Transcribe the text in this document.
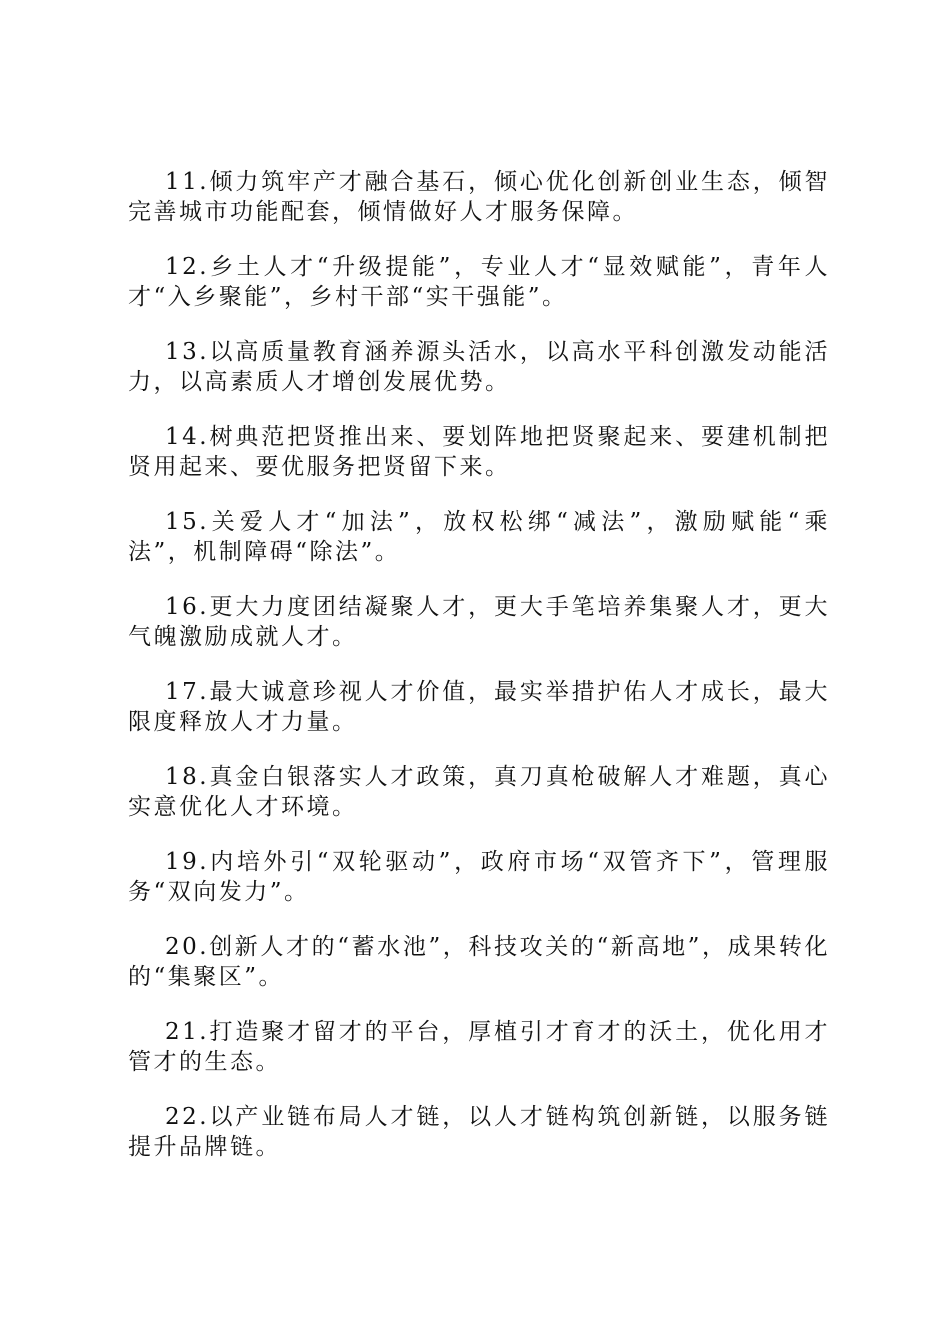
11.倾力筑牢产才融合基石，倾心优化创新创业生态，倾智完善城市功能配套，倾情做好人才服务保障。

12.乡土人才“升级提能”，专业人才“显效赋能”，青年人才“入乡聚能”，乡村干部“实干强能”。

13.以高质量教育涵养源头活水，以高水平科创激发动能活力，以高素质人才增创发展优势。

14.树典范把贤推出来、要划阵地把贤聚起来、要建机制把贤用起来、要优服务把贤留下来。

15.关爱人才“加法”，放权松绑“减法”，激励赋能“乘法”，机制障碍“除法”。

16.更大力度团结凝聚人才，更大手笔培养集聚人才，更大气魄激励成就人才。

17.最大诚意珍视人才价值，最实举措护佑人才成长，最大限度释放人才力量。

18.真金白银落实人才政策，真刀真枪破解人才难题，真心实意优化人才环境。

19.内培外引“双轮驱动”，政府市场“双管齐下”，管理服务“双向发力”。

20.创新人才的“蓄水池”，科技攻关的“新高地”，成果转化的“集聚区”。

21.打造聚才留才的平台，厚植引才育才的沃土，优化用才管才的生态。

22.以产业链布局人才链，以人才链构筑创新链，以服务链提升品牌链。
